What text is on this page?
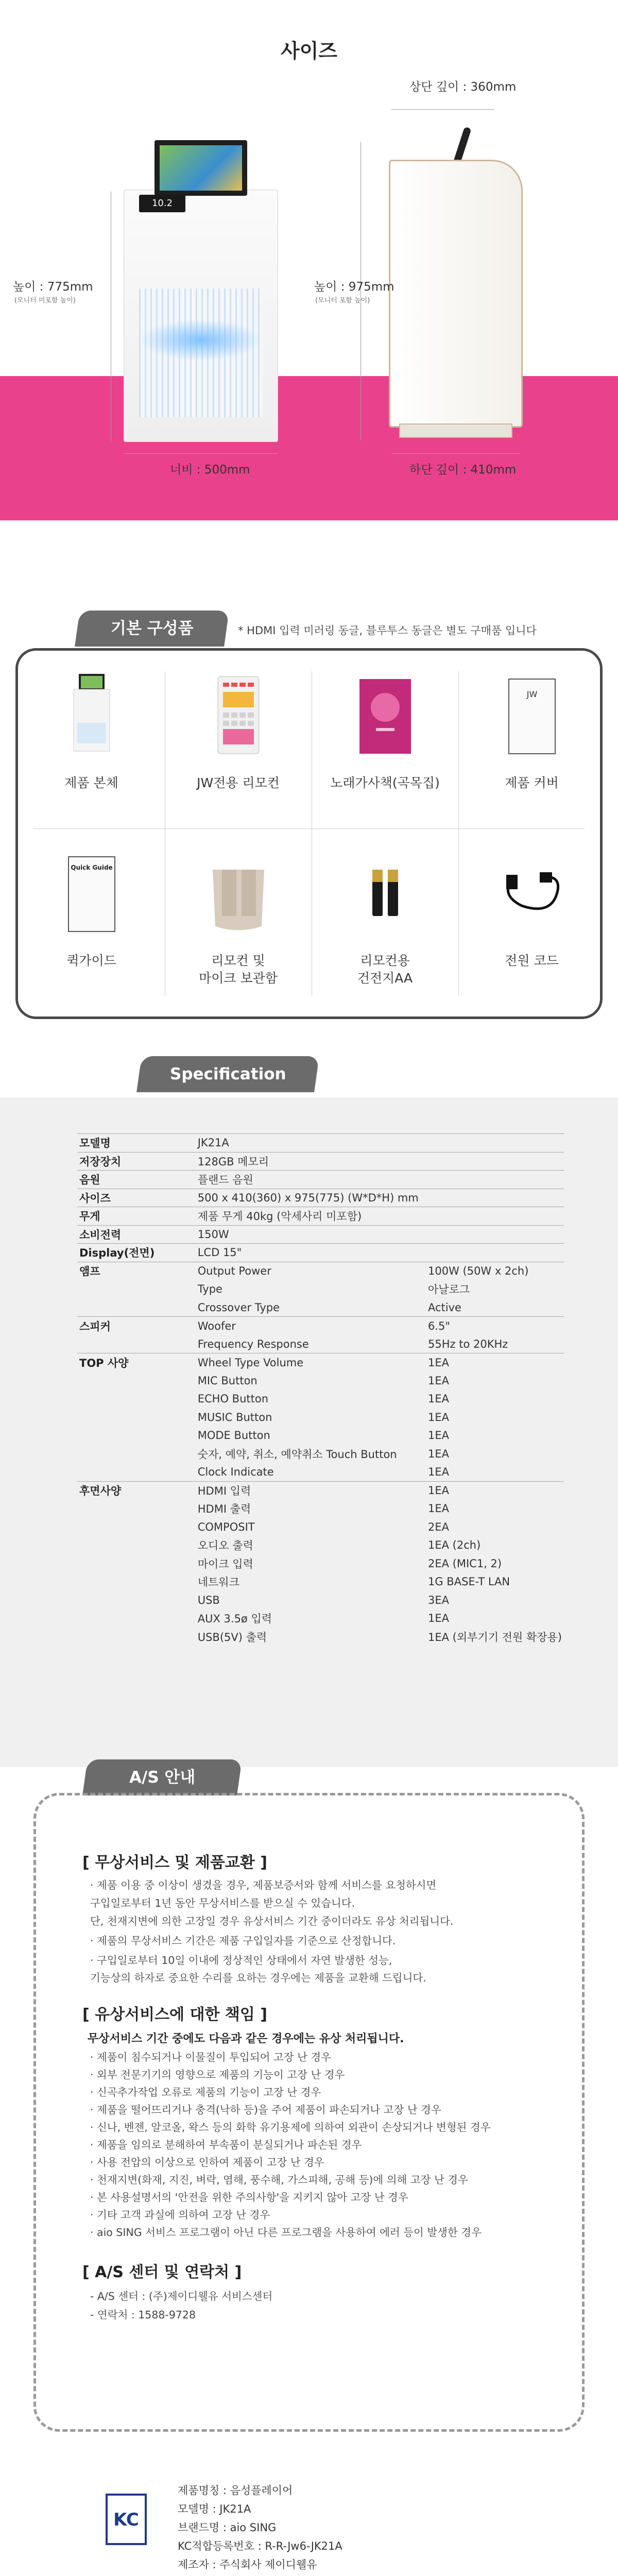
사이즈
10.2
상단 깊이 : 360mm
높이 : 775mm
(모니터 미포함 높이)
높이 : 975mm
(모니터 포함 높이)
너비 : 500mm	하단 깊이 : 410mm
기본 구성품	* HDMI 입력 미러링 동글, 블루투스 동글은 별도 구매품 입니다
제품 본체	JW전용 리모컨	노래가사책(곡목집)
JW
제품 커버
Quick Guide
퀵가이드	리모컨 및
마이크 보관함
리모컨용
건전지AA
전원 코드
Specification
모델명	JK21A	
저장장치	128GB 메모리	
음원	플랜드 음원	
사이즈	500 x 410(360) x 975(775) (W*D*H) mm	
무게	제품 무게 40kg (악세사리 미포함)	
소비전력	150W	
Display(전면)	LCD 15"	
앰프	Output Power	100W (50W x 2ch)
	Type	아날로그
	Crossover Type	Active
스피커	Woofer	6.5"
	Frequency Response	55Hz to 20KHz
TOP 사양	Wheel Type Volume	1EA
	MIC Button	1EA
	ECHO Button	1EA
	MUSIC Button	1EA
	MODE Button	1EA
	숫자, 예약, 취소, 예약취소 Touch Button	1EA
	Clock Indicate	1EA
후면사양	HDMI 입력	1EA
	HDMI 출력	1EA
	COMPOSIT	2EA
	오디오 출력	1EA (2ch)
	마이크 입력	2EA (MIC1, 2)
	네트워크	1G BASE-T LAN
	USB	3EA
	AUX 3.5ø 입력	1EA
	USB(5V) 출력	1EA (외부기기 전원 확장용)
A/S 안내
[ 무상서비스 및 제품교환 ]
· 제품 이용 중 이상이 생겼을 경우, 제품보증서와 함께 서비스를 요청하시면
구입일로부터 1년 동안 무상서비스를 받으실 수 있습니다.
단, 천재지변에 의한 고장일 경우 유상서비스 기간 중이더라도 유상 처리됩니다.
· 제품의 무상서비스 기간은 제품 구입일자를 기준으로 산정합니다.
· 구입일로부터 10일 이내에 정상적인 상태에서 자연 발생한 성능,
기능상의 하자로 중요한 수리를 요하는 경우에는 제품을 교환해 드립니다.
[ 유상서비스에 대한 책임 ]
무상서비스 기간 중에도 다음과 같은 경우에는 유상 처리됩니다.
· 제품이 침수되거나 이물질이 투입되어 고장 난 경우
· 외부 전문기기의 영향으로 제품의 기능이 고장 난 경우
· 신곡추가작업 오류로 제품의 기능이 고장 난 경우
· 제품을 떨어뜨리거나 충격(낙하 등)을 주어 제품이 파손되거나 고장 난 경우
· 신나, 벤젠, 알코올, 왁스 등의 화학 유기용제에 의하여 외관이 손상되거나 변형된 경우
· 제품을 임의로 분해하여 부속품이 분실되거나 파손된 경우
· 사용 전압의 이상으로 인하여 제품이 고장 난 경우
· 천재지변(화재, 지진, 벼락, 염해, 풍수해, 가스피해, 공해 등)에 의해 고장 난 경우
· 본 사용설명서의 '안전을 위한 주의사항'을 지키지 않아 고장 난 경우
· 기타 고객 과실에 의하여 고장 난 경우
· aio SING 서비스 프로그램이 아닌 다른 프로그램을 사용하여 에러 등이 발생한 경우
[ A/S 센터 및 연락처 ]
- A/S 센터 : (주)제이디웰유 서비스센터
- 연락처 : 1588-9728
KC
제품명칭 : 음성플레이어
모델명 : JK21A
브랜드명 : aio SING
KC적합등록번호 : R-R-Jw6-JK21A
제조자 : 주식회사 제이디웰유
